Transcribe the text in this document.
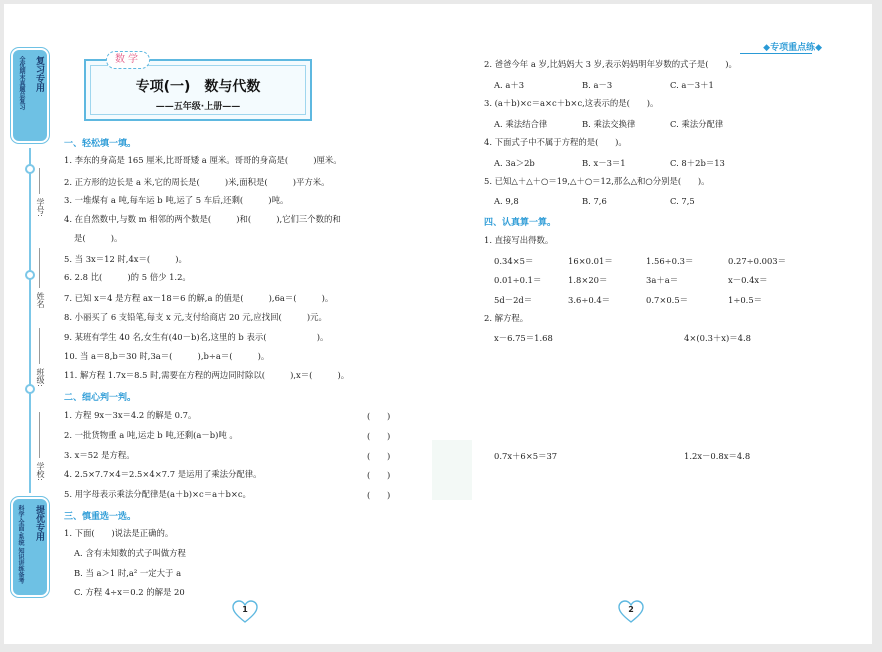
复习专用
全优期末真题总复习
学号:
姓名
班级:
学校:
提优专用
科学·全面·系统 知识讲练备考
数学
专项(一)　数与代数
——五年级·上册——
一、轻松填一填。
1. 李东的身高是 165 厘米,比哥哥矮 a 厘米。哥哥的身高是(　　　)厘米。
2. 正方形的边长是 a 米,它的周长是(　　　)米,面积是(　　　)平方米。
3. 一堆煤有 a 吨,每车运 b 吨,运了 5 车后,还剩(　　　)吨。
4. 在自然数中,与数 m 相邻的两个数是(　　　)和(　　　),它们三个数的和
是(　　　)。
5. 当 3x＝12 时,4x＝(　　　)。
6. 2.8 比(　　　)的 5 倍少 1.2。
7. 已知 x＝4 是方程 ax－18＝6 的解,a 的值是(　　　),6a＝(　　　)。
8. 小丽买了 6 支铅笔,每支 x 元,支付给商店 20 元,应找回(　　　)元。
9. 某班有学生 40 名,女生有(40－b)名,这里的 b 表示(　　　　　　)。
10. 当 a＝8,b＝30 时,3a＝(　　　),b÷a＝(　　　)。
11. 解方程 1.7x＝8.5 时,需要在方程的两边同时除以(　　　),x＝(　　　)。
二、细心判一判。
1. 方程 9x－3x＝4.2 的解是 0.7。	(　　)
2. 一批货物重 a 吨,运走 b 吨,还剩(a－b)吨 。	(　　)
3. x＝52 是方程。	(　　)
4. 2.5×7.7×4＝2.5×4×7.7 是运用了乘法分配律。	(　　)
5. 用字母表示乘法分配律是(a＋b)×c＝a＋b×c。	(　　)
三、慎重选一选。
1. 下面(　　)说法是正确的。
A. 含有未知数的式子叫做方程
B. 当 a＞1 时,a² 一定大于 a
C. 方程 4÷x＝0.2 的解是 20
1
◆专项重点练◆
2. 爸爸今年 a 岁,比妈妈大 3 岁,表示妈妈明年岁数的式子是(　　)。
A. a＋3	B. a－3	C. a－3＋1
3. (a＋b)×c＝a×c＋b×c,这表示的是(　　)。
A. 乘法结合律	B. 乘法交换律	C. 乘法分配律
4. 下面式子中不属于方程的是(　　)。
A. 3a＞2b	B. x－3＝1	C. 8＋2b＝13
5. 已知△＋△＋○＝19,△＋○＝12,那么△和○分别是(　　)。
A. 9,8	B. 7,6	C. 7,5
四、认真算一算。
1. 直接写出得数。
0.34×5＝	16×0.01＝	1.56÷0.3＝	0.27÷0.003＝
0.01÷0.1＝	1.8×20＝	3a＋a＝	x－0.4x＝
5d－2d＝	3.6÷0.4＝	0.7×0.5＝	1÷0.5＝
2. 解方程。
x－6.75＝1.68	4×(0.3＋x)＝4.8
0.7x＋6×5＝37	1.2x－0.8x＝4.8
2
